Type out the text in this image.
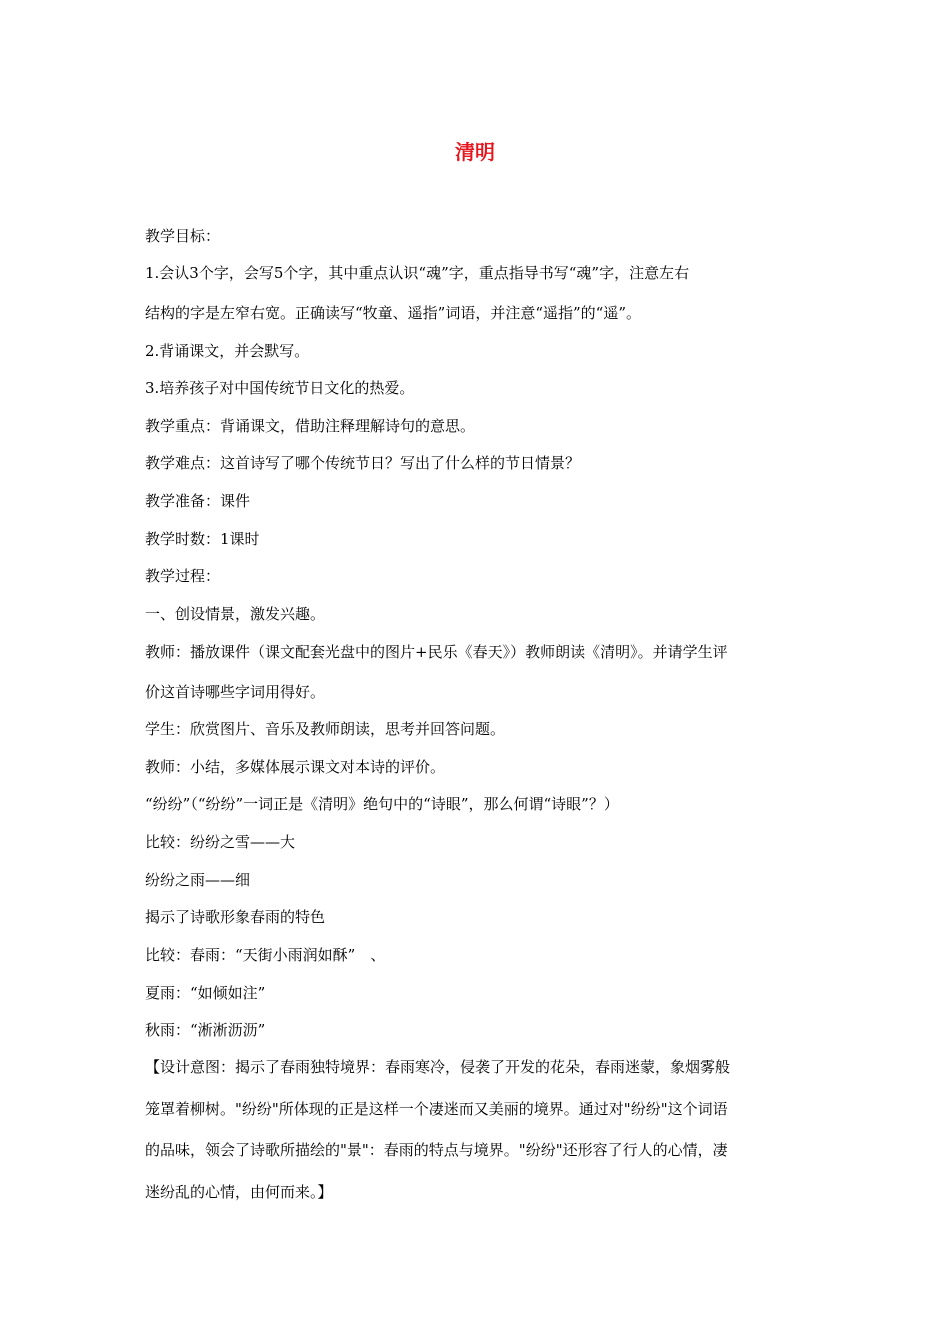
清明
教学目标：
1.会认3个字，会写5个字，其中重点认识“魂”字，重点指导书写“魂”字，注意左右
结构的字是左窄右宽。正确读写“牧童、遥指”词语，并注意“遥指”的“遥”。
2.背诵课文，并会默写。
3.培养孩子对中国传统节日文化的热爱。
教学重点：背诵课文，借助注释理解诗句的意思。
教学难点：这首诗写了哪个传统节日？写出了什么样的节日情景？
教学准备：课件
教学时数：1课时
教学过程：
一、创设情景，激发兴趣。
教师：播放课件（课文配套光盘中的图片+民乐《春天》）教师朗读《清明》。并请学生评
价这首诗哪些字词用得好。
学生：欣赏图片、音乐及教师朗读，思考并回答问题。
教师：小结，多媒体展示课文对本诗的评价。
“纷纷”（“纷纷”一词正是《清明》绝句中的“诗眼”，那么何谓“诗眼”？）
比较：纷纷之雪——大
纷纷之雨——细
揭示了诗歌形象春雨的特色
比较：春雨：“天街小雨润如酥”　、
夏雨：“如倾如注”
秋雨：“淅淅沥沥”
【设计意图：揭示了春雨独特境界：春雨寒冷，侵袭了开发的花朵，春雨迷蒙，象烟雾般
笼罩着柳树。"纷纷"所体现的正是这样一个凄迷而又美丽的境界。通过对"纷纷"这个词语
的品味，领会了诗歌所描绘的"景"：春雨的特点与境界。"纷纷"还形容了行人的心情，凄
迷纷乱的心情，由何而来。】
